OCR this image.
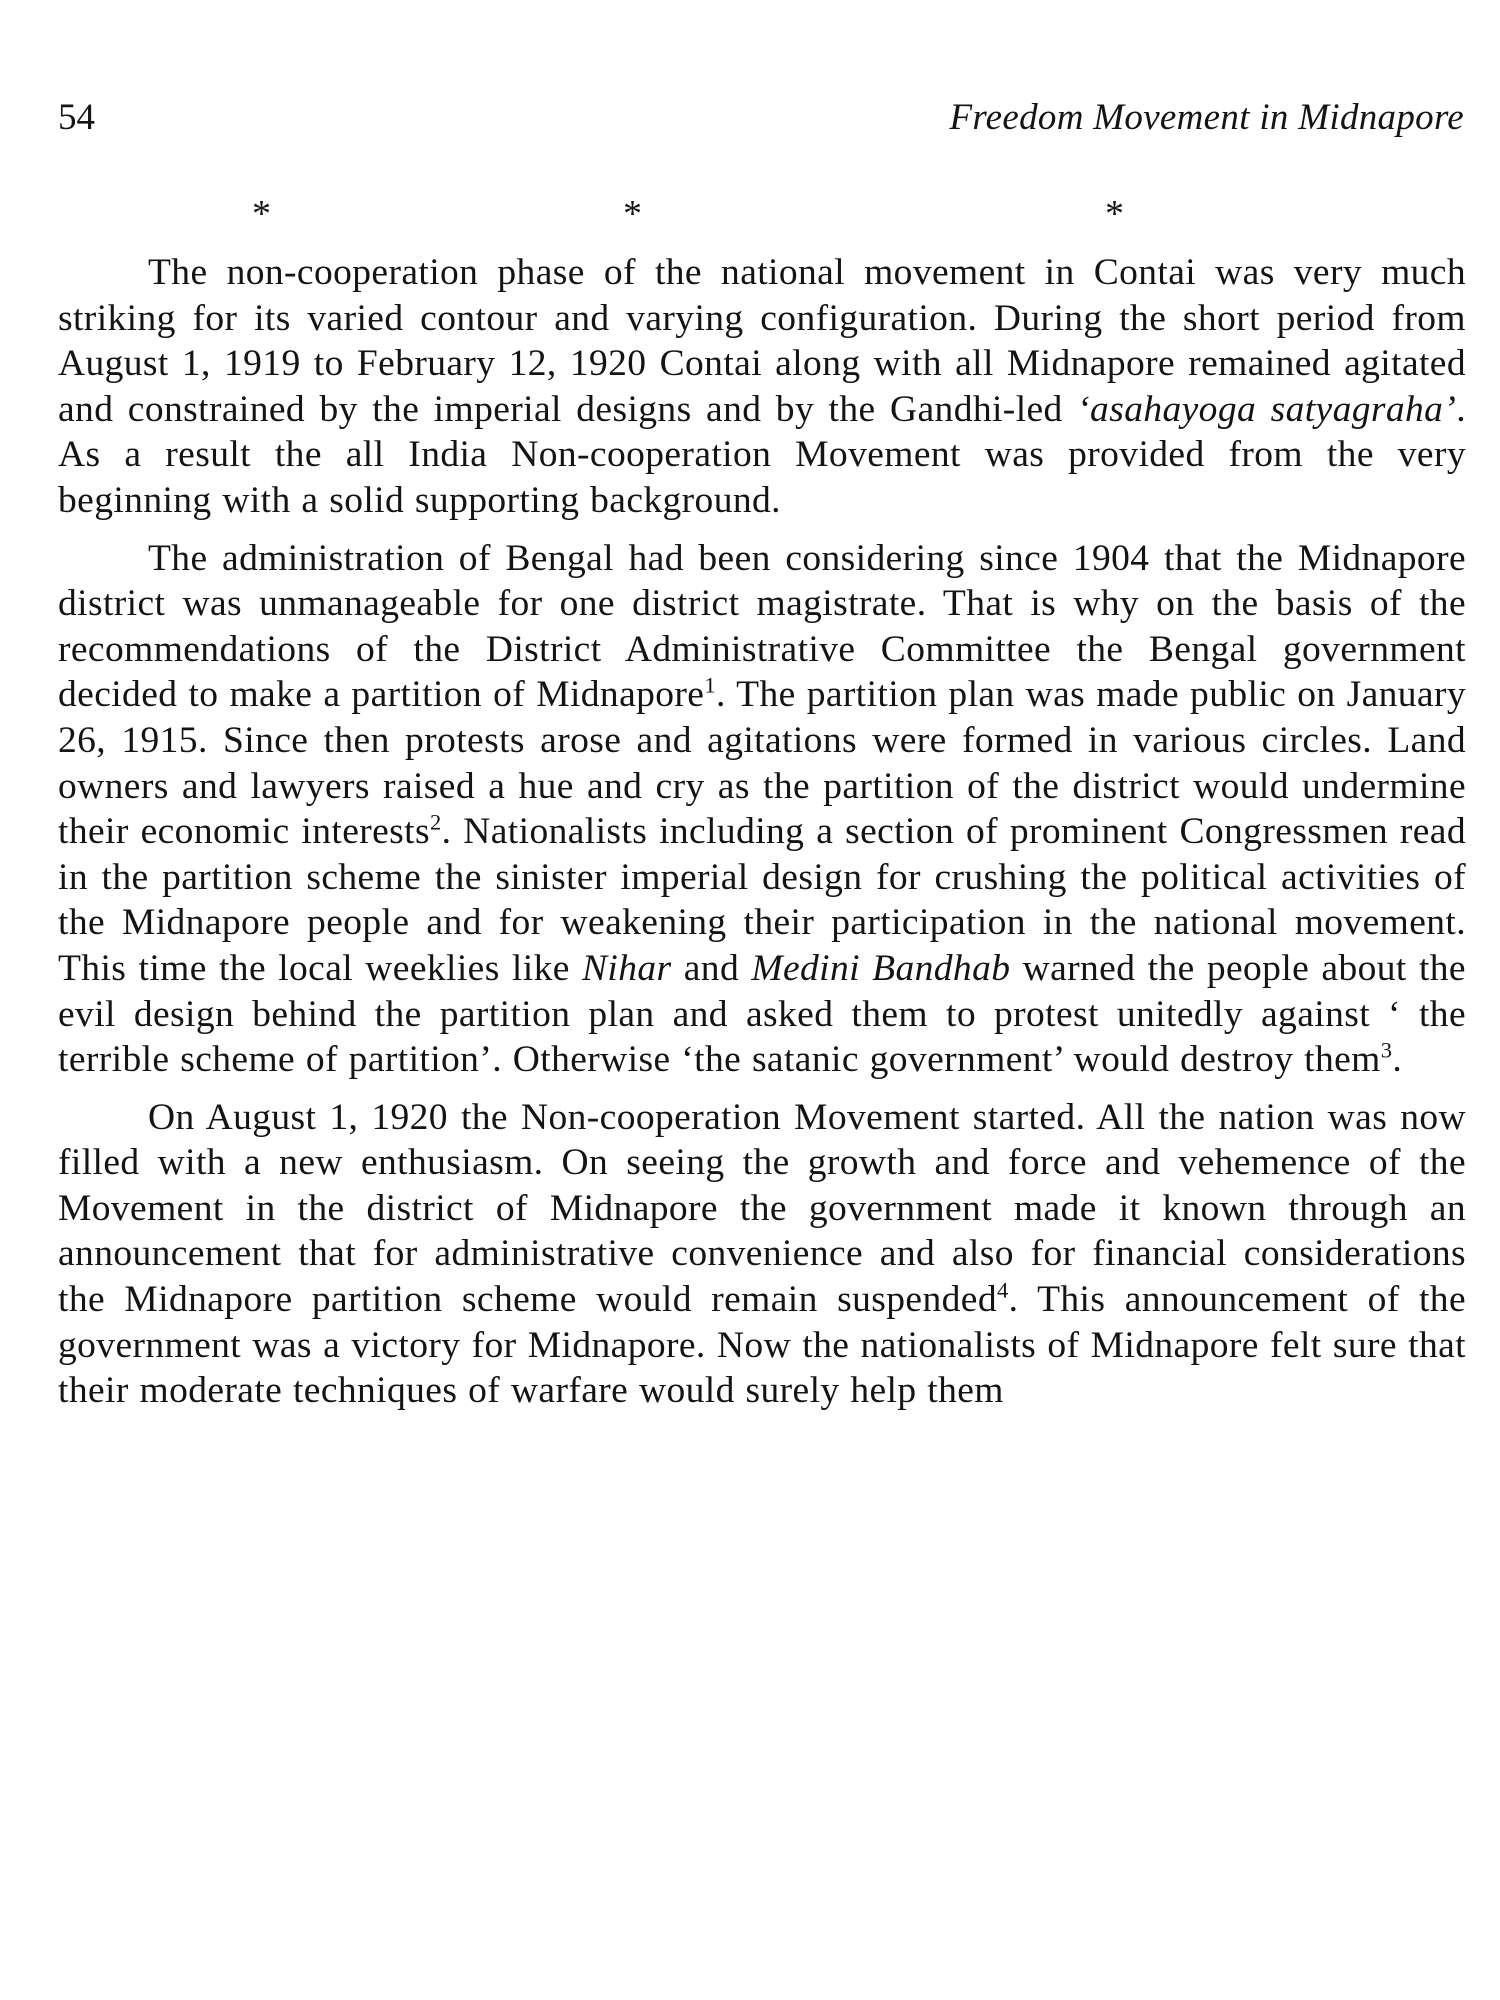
54	Freedom Movement in Midnapore
*	*	*

The non-cooperation phase of the national movement in Contai was very much striking for its varied contour and varying configuration. During the short period from August 1, 1919 to February 12, 1920 Contai along with all Midnapore remained agitated and constrained by the imperial designs and by the Gandhi-led ‘asahayoga satyagraha’. As a result the all India Non-cooperation Movement was provided from the very beginning with a solid supporting background.

The administration of Bengal had been considering since 1904 that the Midnapore district was unmanageable for one district magistrate. That is why on the basis of the recommendations of the District Administrative Committee the Bengal government decided to make a partition of Midnapore$^1$. The partition plan was made public on January 26, 1915. Since then protests arose and agitations were formed in various circles. Land owners and lawyers raised a hue and cry as the partition of the district would undermine their economic interests$^2$. Nationalists including a section of prominent Congressmen read in the partition scheme the sinister imperial design for crushing the political activities of the Midnapore people and for weakening their participation in the national movement. This time the local weeklies like Nihar and Medini Bandhab warned the people about the evil design behind the partition plan and asked them to protest unitedly against ‘ the terrible scheme of partition’. Otherwise ‘the satanic government’ would destroy them$^3$.

On August 1, 1920 the Non-cooperation Movement started. All the nation was now filled with a new enthusiasm. On seeing the growth and force and vehemence of the Movement in the district of Midnapore the government made it known through an announcement that for administrative convenience and also for financial considerations the Midnapore partition scheme would remain suspended$^4$. This announcement of the government was a victory for Midnapore. Now the nationalists of Midnapore felt sure that their moderate techniques of warfare would surely help them
